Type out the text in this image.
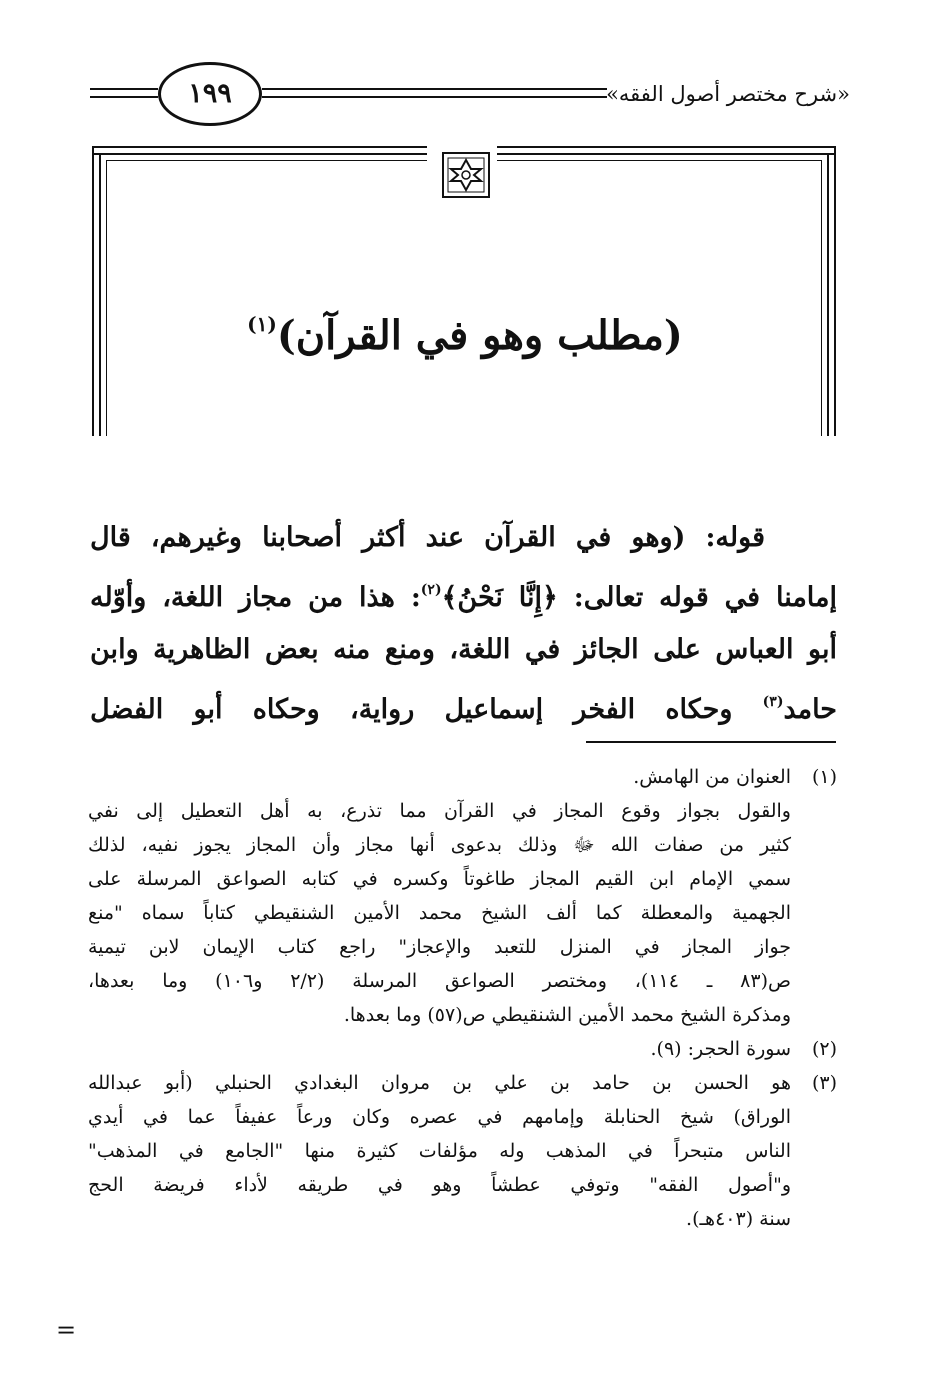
١٩٩	«شرح مختصر أصول الفقه»
(مطلب وهو في القرآن)$^{(١)}$
قوله: (وهو في القرآن عند أكثر أصحابنا وغيرهم، قال
إمامنا في قوله تعالى: ﴿إِنَّا نَحْنُ﴾$^{(٢)}$: هذا من مجاز اللغة، وأوّله
أبو العباس على الجائز في اللغة، ومنع منه بعض الظاهرية وابن
حامد$^{(٣)}$ وحكاه الفخر إسماعيل رواية، وحكاه أبو الفضل
(١)
العنوان من الهامش.
والقول بجواز وقوع المجاز في القرآن مما تذرع، به أهل التعطيل إلى نفي
كثير من صفات الله ﷻ وذلك بدعوى أنها مجاز وأن المجاز يجوز نفيه، لذلك
سمي الإمام ابن القيم المجاز طاغوتاً وكسره في كتابه الصواعق المرسلة على
الجهمية والمعطلة كما ألف الشيخ محمد الأمين الشنقيطي كتاباً سماه "منع
جواز المجاز في المنزل للتعبد والإعجاز" راجع كتاب الإيمان لابن تيمية
ص(٨٣ ـ ١١٤)، ومختصر الصواعق المرسلة (٢/٢ و١٠٦) وما بعدها،
ومذكرة الشيخ محمد الأمين الشنقيطي ص(٥٧) وما بعدها.
(٢)
سورة الحجر: (٩).
(٣)
هو الحسن بن حامد بن علي بن مروان البغدادي الحنبلي (أبو عبدالله
الوراق) شيخ الحنابلة وإمامهم في عصره وكان ورعاً عفيفاً عما في أيدي
الناس متبحراً في المذهب وله مؤلفات كثيرة منها "الجامع في المذهب"
و"أصول الفقه" وتوفي عطشاً وهو في طريقه لأداء فريضة الحج
سنة (٤٠٣هـ).
=
